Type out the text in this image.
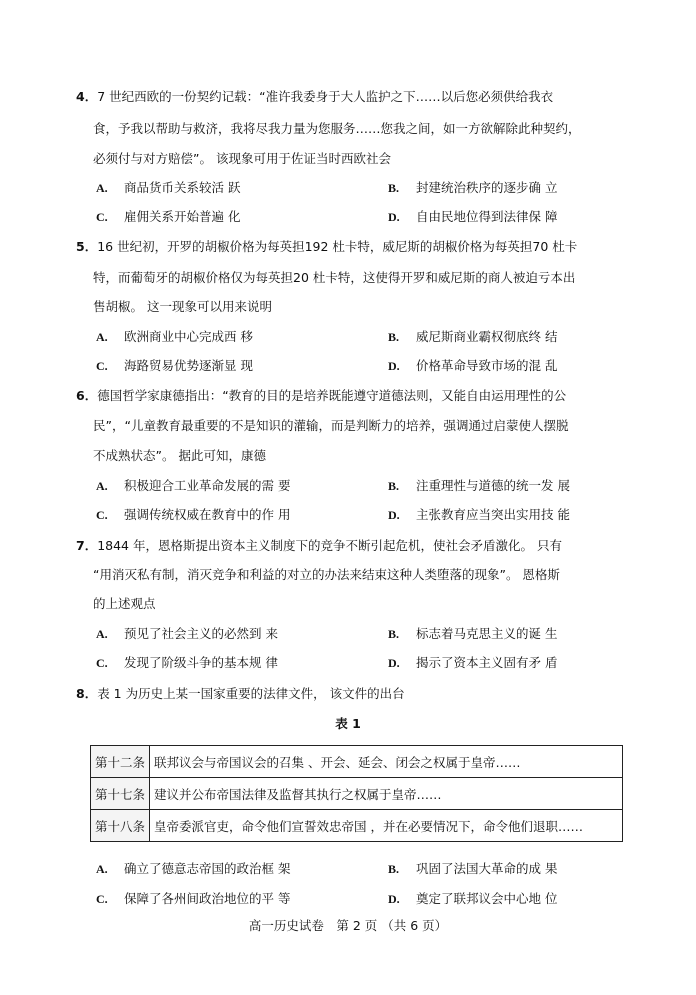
4．7 世纪西欧的一份契约记载：“准许我委身于大人监护之下……以后您必须供给我衣
食，予我以帮助与救济，我将尽我力量为您服务……您我之间，如一方欲解除此种契约，
必须付与对方赔偿”。 该现象可用于佐证当时西欧社会
A. 商品货币关系较活 跃	B. 封建统治秩序的逐步确 立
C. 雇佣关系开始普遍 化	D. 自由民地位得到法律保 障
5．16 世纪初，开罗的胡椒价格为每英担192 杜卡特，威尼斯的胡椒价格为每英担70 杜卡
特，而葡萄牙的胡椒价格仅为每英担20 杜卡特，这使得开罗和威尼斯的商人被迫亏本出
售胡椒。 这一现象可以用来说明
A. 欧洲商业中心完成西 移	B. 威尼斯商业霸权彻底终 结
C. 海路贸易优势逐渐显 现	D. 价格革命导致市场的混 乱
6．德国哲学家康德指出：“教育的目的是培养既能遵守道德法则，又能自由运用理性的公
民”，“儿童教育最重要的不是知识的灌输，而是判断力的培养，强调通过启蒙使人摆脱
不成熟状态”。 据此可知，康德
A. 积极迎合工业革命发展的需 要	B. 注重理性与道德的统一发 展
C. 强调传统权威在教育中的作 用	D. 主张教育应当突出实用技 能
7．1844 年，恩格斯提出资本主义制度下的竞争不断引起危机，使社会矛盾激化。 只有
“用消灭私有制，消灭竞争和利益的对立的办法来结束这种人类堕落的现象”。 恩格斯
的上述观点
A. 预见了社会主义的必然到 来	B. 标志着马克思主义的诞 生
C. 发现了阶级斗争的基本规 律	D. 揭示了资本主义固有矛 盾
8．表 1 为历史上某一国家重要的法律文件， 该文件的出台
表 1
第十二条	联邦议会与帝国议会的召集 、开会、延会、闭会之权属于皇帝……
第十七条	建议并公布帝国法律及监督其执行之权属于皇帝……
第十八条	皇帝委派官吏，命令他们宣誓效忠帝国 ，并在必要情况下，命令他们退职……
A. 确立了德意志帝国的政治框 架	B. 巩固了法国大革命的成 果
C. 保障了各州间政治地位的平 等	D. 奠定了联邦议会中心地 位
高一历史试卷　第 2 页 （共 6 页）
